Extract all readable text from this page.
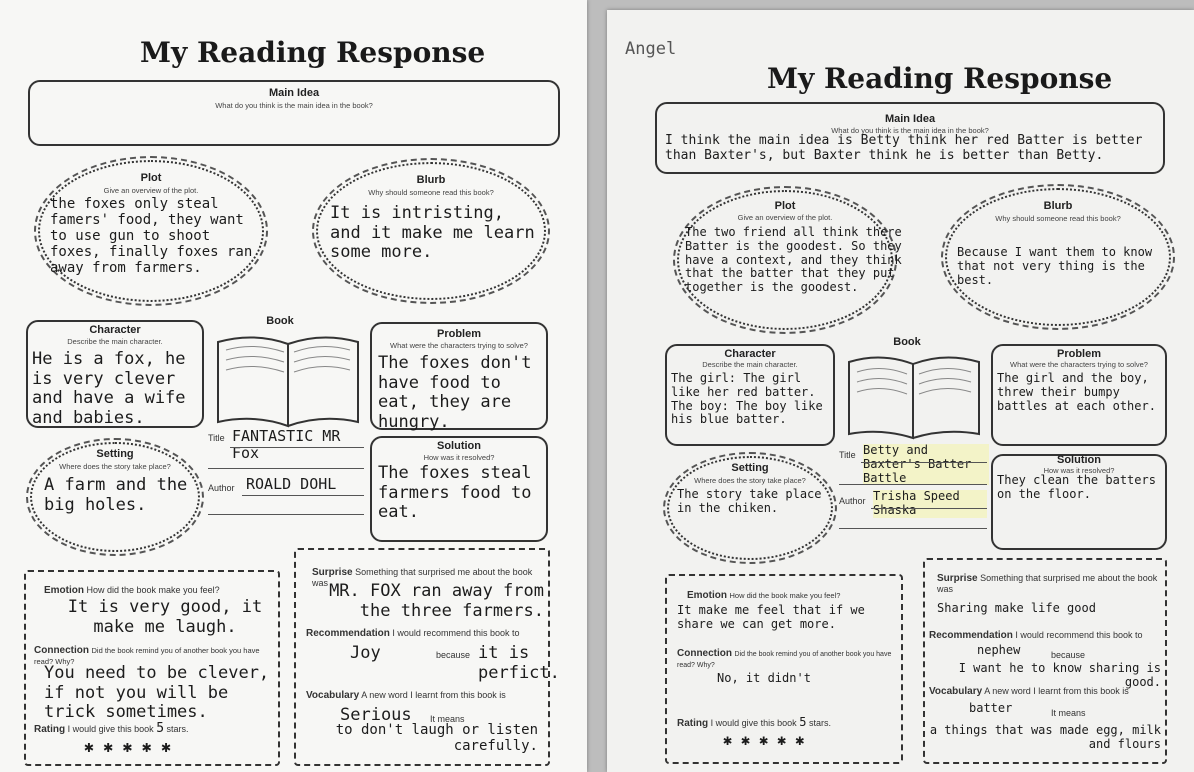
My Reading Response
Main Idea
What do you think is the main idea in the book?
Plot
Give an overview of the plot.
the foxes only steal famers' food, they want to use gun to shoot foxes, finally foxes ran away from farmers.
Blurb
Why should someone read this book?
It is intristing, and it make me learn some more.
Character
Describe the main character.
He is a fox, he is very clever and have a wife and babies.
Book
Title FANTASTIC MR Fox
Author ROALD DOHL
Problem
What were the characters trying to solve?
The foxes don't have food to eat, they are hungry.
Setting
Where does the story take place?
A farm and the big holes.
Solution
How was it resolved?
The foxes steal farmers food to eat.
Emotion How did the book make you feel?
It is very good, it make me laugh.
Connection Did the book remind you of another book you have read? Why?
You need to be clever, if not you will be trick sometimes.
Rating I would give this book 5 stars.
✱ ✱ ✱ ✱ ✱
Surprise Something that surprised me about the book was MR. FOX ran away from the three farmers.
Recommendation I would recommend this book to
Joy	because it is perfict.
Vocabulary A new word I learnt from this book is
Serious It means
to don't laugh or listen carefully.
Angel
My Reading Response
Main Idea
What do you think is the main idea in the book?
I think the main idea is Betty think her red Batter is better than Baxter's, but Baxter think he is better than Betty.
Plot
Give an overview of the plot.
The two friend all think there Batter is the goodest. So they have a context, and they think that the batter that they put together is the goodest.
Blurb
Why should someone read this book?
Because I want them to know that not very thing is the best.
Character
Describe the main character.
The girl: The girl like her red batter. The boy: The boy like his blue batter.
Book
Title Betty and Baxter's Batter Battle
Author Trisha Speed Shaska
Problem
What were the characters trying to solve?
The girl and the boy, threw their bumpy battles at each other.
Setting
Where does the story take place?
The story take place in the chiken.
Solution
How was it resolved?
They clean the batters on the floor.
Emotion How did the book make you feel?
It make me feel that if we share we can get more.
Connection Did the book remind you of another book you have read? Why?
No, it didn't
Rating I would give this book 5 stars.
✱ ✱ ✱ ✱ ✱
Surprise Something that surprised me about the book was
Sharing make life good
Recommendation I would recommend this book to
nephew	because
I want he to know sharing is good.
Vocabulary A new word I learnt from this book is
batter	It means
a things that was made egg, milk and flours
